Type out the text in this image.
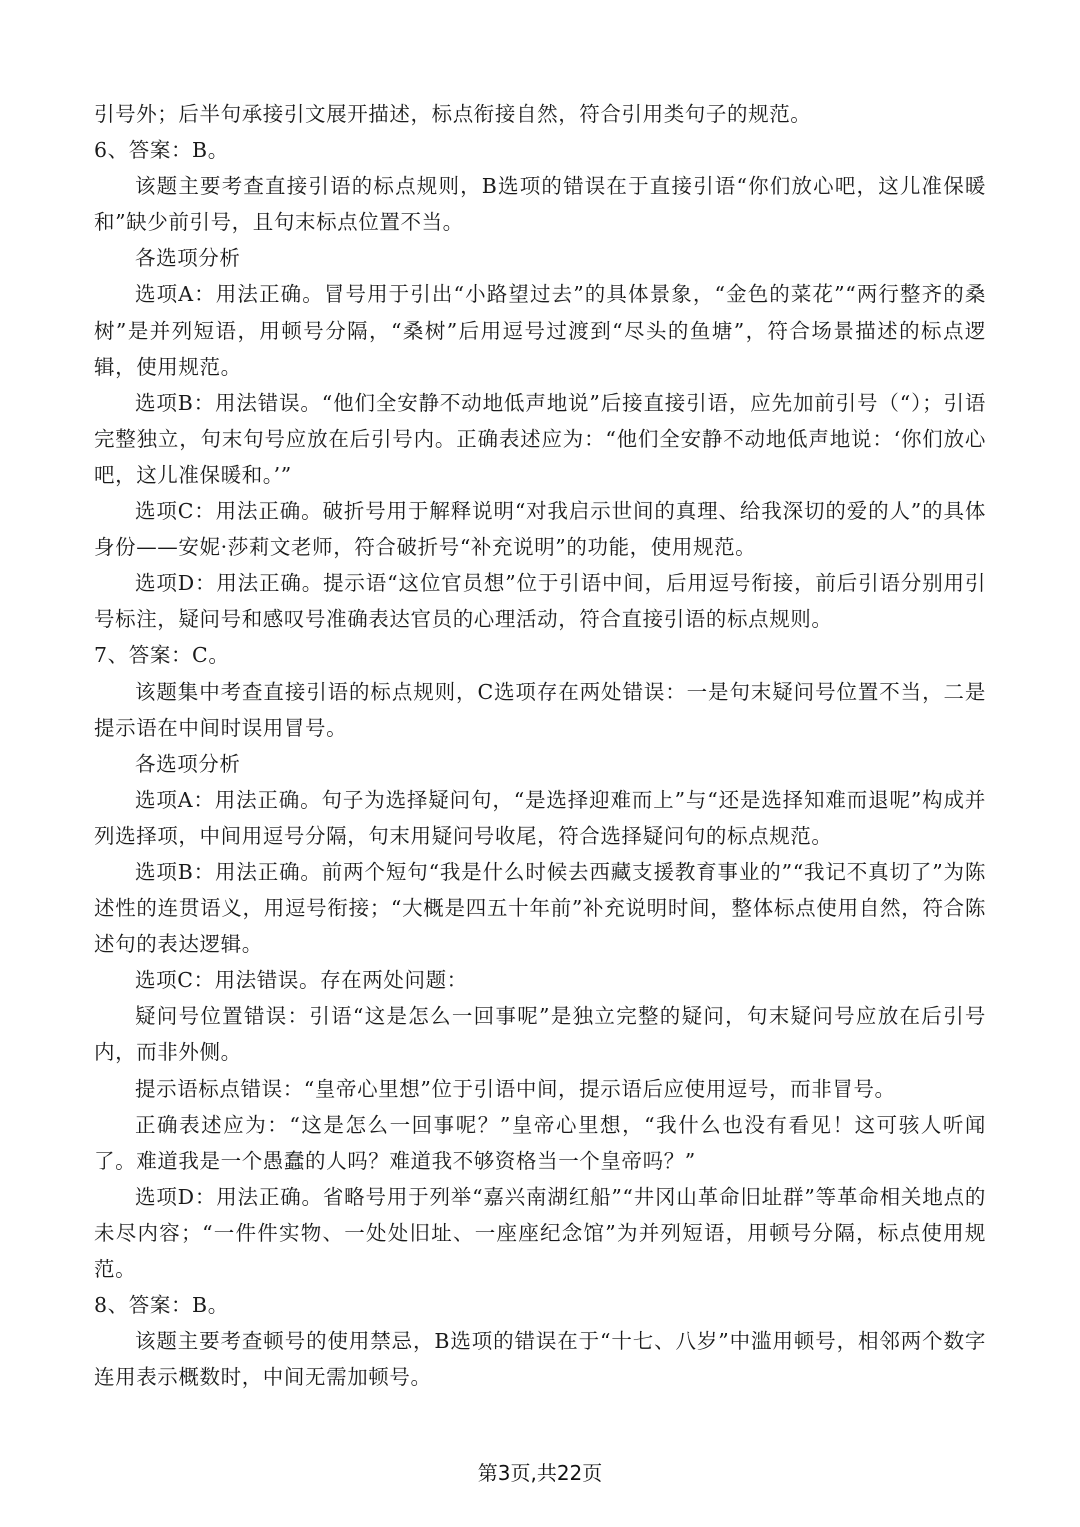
引号外；后半句承接引文展开描述，标点衔接自然，符合引用类句子的规范。

6、答案：B。

该题主要考查直接引语的标点规则，B选项的错误在于直接引语“你们放心吧，这儿准保暖和”缺少前引号，且句末标点位置不当。

各选项分析

选项A：用法正确。冒号用于引出“小路望过去”的具体景象，“金色的菜花”“两行整齐的桑树”是并列短语，用顿号分隔，“桑树”后用逗号过渡到“尽头的鱼塘”，符合场景描述的标点逻辑，使用规范。

选项B：用法错误。“他们全安静不动地低声地说”后接直接引语，应先加前引号（“）；引语完整独立，句末句号应放在后引号内。正确表述应为：“他们全安静不动地低声地说：‘你们放心吧，这儿准保暖和。’”

选项C：用法正确。破折号用于解释说明“对我启示世间的真理、给我深切的爱的人”的具体身份——安妮·莎莉文老师，符合破折号“补充说明”的功能，使用规范。

选项D：用法正确。提示语“这位官员想”位于引语中间，后用逗号衔接，前后引语分别用引号标注，疑问号和感叹号准确表达官员的心理活动，符合直接引语的标点规则。

7、答案：C。

该题集中考查直接引语的标点规则，C选项存在两处错误：一是句末疑问号位置不当，二是提示语在中间时误用冒号。

各选项分析

选项A：用法正确。句子为选择疑问句，“是选择迎难而上”与“还是选择知难而退呢”构成并列选择项，中间用逗号分隔，句末用疑问号收尾，符合选择疑问句的标点规范。

选项B：用法正确。前两个短句“我是什么时候去西藏支援教育事业的”“我记不真切了”为陈述性的连贯语义，用逗号衔接；“大概是四五十年前”补充说明时间，整体标点使用自然，符合陈述句的表达逻辑。

选项C：用法错误。存在两处问题：

疑问号位置错误：引语“这是怎么一回事呢”是独立完整的疑问，句末疑问号应放在后引号内，而非外侧。

提示语标点错误：“皇帝心里想”位于引语中间，提示语后应使用逗号，而非冒号。

正确表述应为：“这是怎么一回事呢？”皇帝心里想，“我什么也没有看见！这可骇人听闻了。难道我是一个愚蠢的人吗？难道我不够资格当一个皇帝吗？”

选项D：用法正确。省略号用于列举“嘉兴南湖红船”“井冈山革命旧址群”等革命相关地点的未尽内容；“一件件实物、一处处旧址、一座座纪念馆”为并列短语，用顿号分隔，标点使用规范。

8、答案：B。

该题主要考查顿号的使用禁忌，B选项的错误在于“十七、八岁”中滥用顿号，相邻两个数字连用表示概数时，中间无需加顿号。

第3页,共22页
